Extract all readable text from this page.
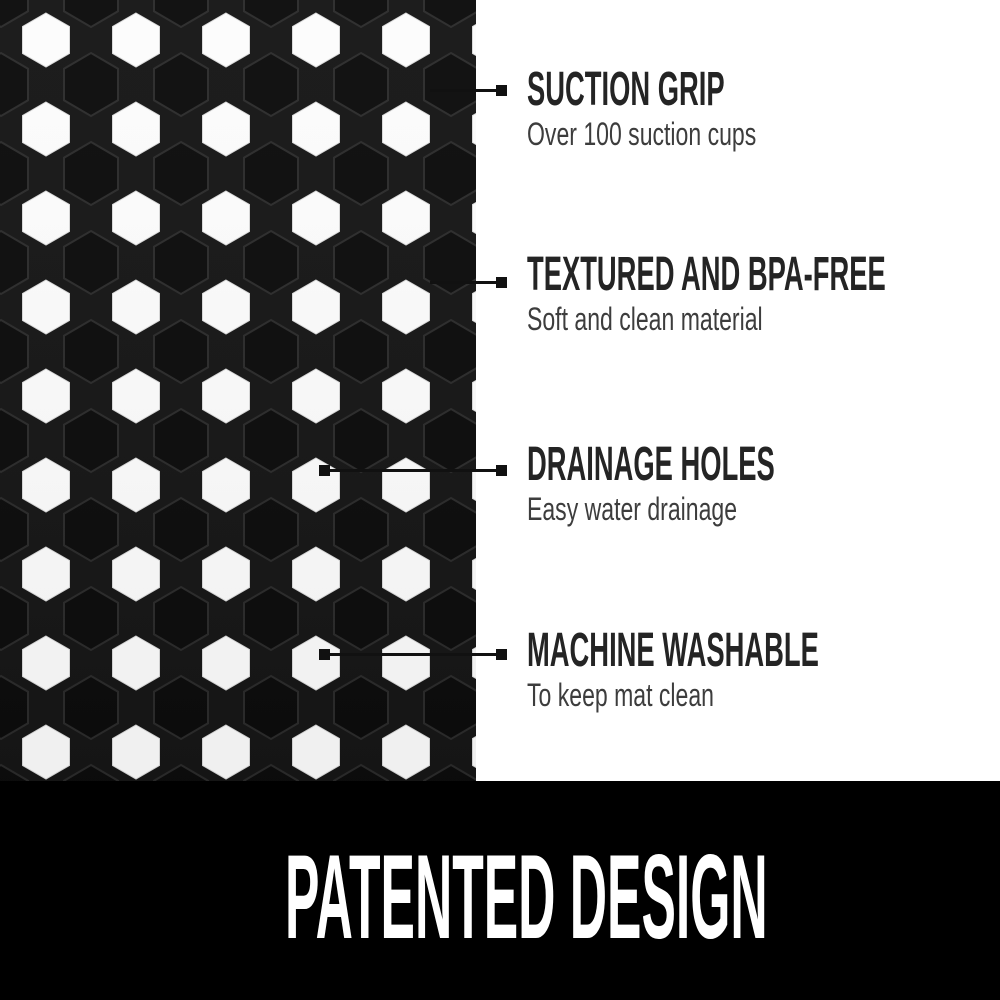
SUCTION GRIP

Over 100 suction cups

TEXTURED AND BPA-FREE

Soft and clean material

DRAINAGE HOLES

Easy water drainage

MACHINE WASHABLE

To keep mat clean

PATENTED DESIGN
